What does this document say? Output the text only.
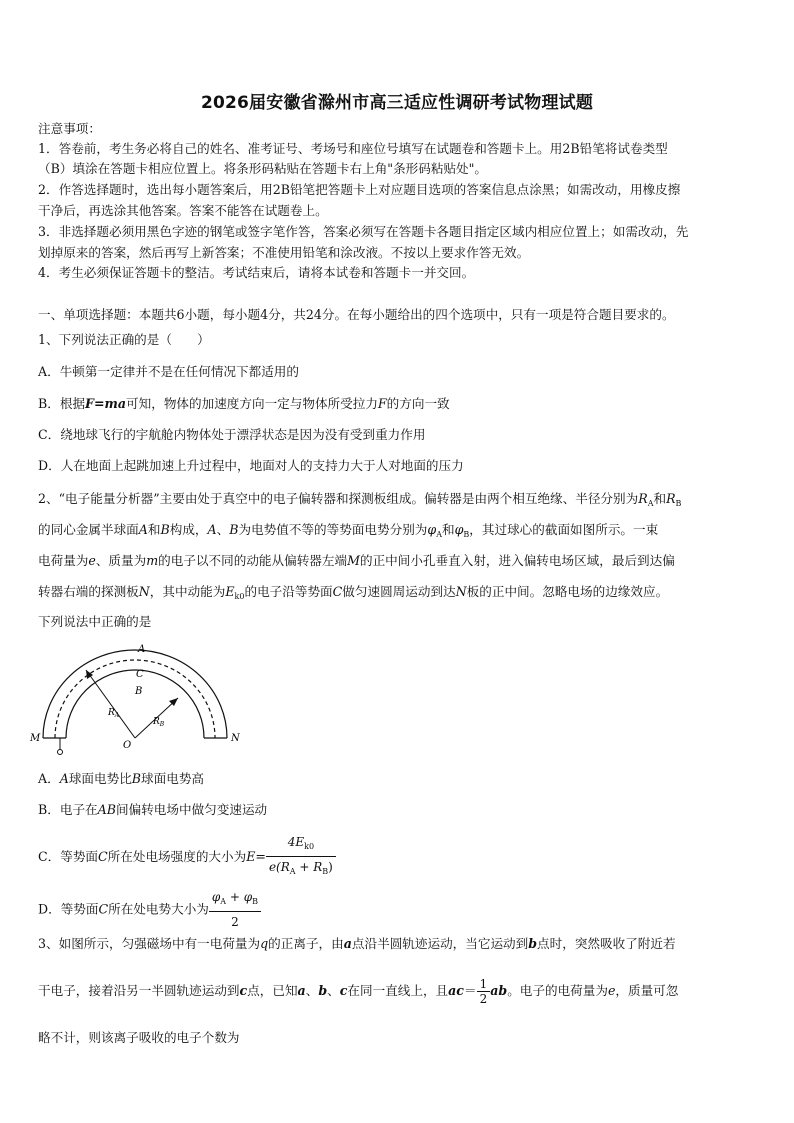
2026届安徽省滁州市高三适应性调研考试物理试题
注意事项：
1．答卷前，考生务必将自己的姓名、准考证号、考场号和座位号填写在试题卷和答题卡上。用2B铅笔将试卷类型
（B）填涂在答题卡相应位置上。将条形码粘贴在答题卡右上角"条形码粘贴处"。
2．作答选择题时，选出每小题答案后，用2B铅笔把答题卡上对应题目选项的答案信息点涂黑；如需改动，用橡皮擦
干净后，再选涂其他答案。答案不能答在试题卷上。
3．非选择题必须用黑色字迹的钢笔或签字笔作答，答案必须写在答题卡各题目指定区域内相应位置上；如需改动，先
划掉原来的答案，然后再写上新答案；不准使用铅笔和涂改液。不按以上要求作答无效。
4．考生必须保证答题卡的整洁。考试结束后，请将本试卷和答题卡一并交回。
一、单项选择题：本题共6小题，每小题4分，共24分。在每小题给出的四个选项中，只有一项是符合题目要求的。
1、下列说法正确的是（　　）
A．牛顿第一定律并不是在任何情况下都适用的
B．根据F=ma可知，物体的加速度方向一定与物体所受拉力F的方向一致
C．绕地球飞行的宇航舱内物体处于漂浮状态是因为没有受到重力作用
D．人在地面上起跳加速上升过程中，地面对人的支持力大于人对地面的压力
2、“电子能量分析器”主要由处于真空中的电子偏转器和探测板组成。偏转器是由两个相互绝缘、半径分别为$R_A$和$R_B$
的同心金属半球面A和B构成，A、B为电势值不等的等势面电势分别为$\varphi_A$和$\varphi_B$，其过球心的截面如图所示。一束
电荷量为e、质量为m的电子以不同的动能从偏转器左端M的正中间小孔垂直入射，进入偏转电场区域，最后到达偏
转器右端的探测板N，其中动能为$E_{k0}$的电子沿等势面C做匀速圆周运动到达N板的正中间。忽略电场的边缘效应。
下列说法中正确的是
A
C
B
$R_A$
$R_B$
O
M	N
A．A球面电势比B球面电势高
B．电子在AB间偏转电场中做匀变速运动
C．等势面C所在处电场强度的大小为$E= \frac{4E_{k0}}{e(R_A + R_B)}$
D．等势面C所在处电势大小为 $\frac{\varphi_A + \varphi_B}{2}$
3、如图所示，匀强磁场中有一电荷量为q的正离子，由a点沿半圆轨迹运动，当它运动到b点时，突然吸收了附近若
干电子，接着沿另一半圆轨迹运动到c点，已知a、b、c在同一直线上，且$ac= \frac{1}{2}$ ab。电子的电荷量为e，质量可忽
略不计，则该离子吸收的电子个数为
